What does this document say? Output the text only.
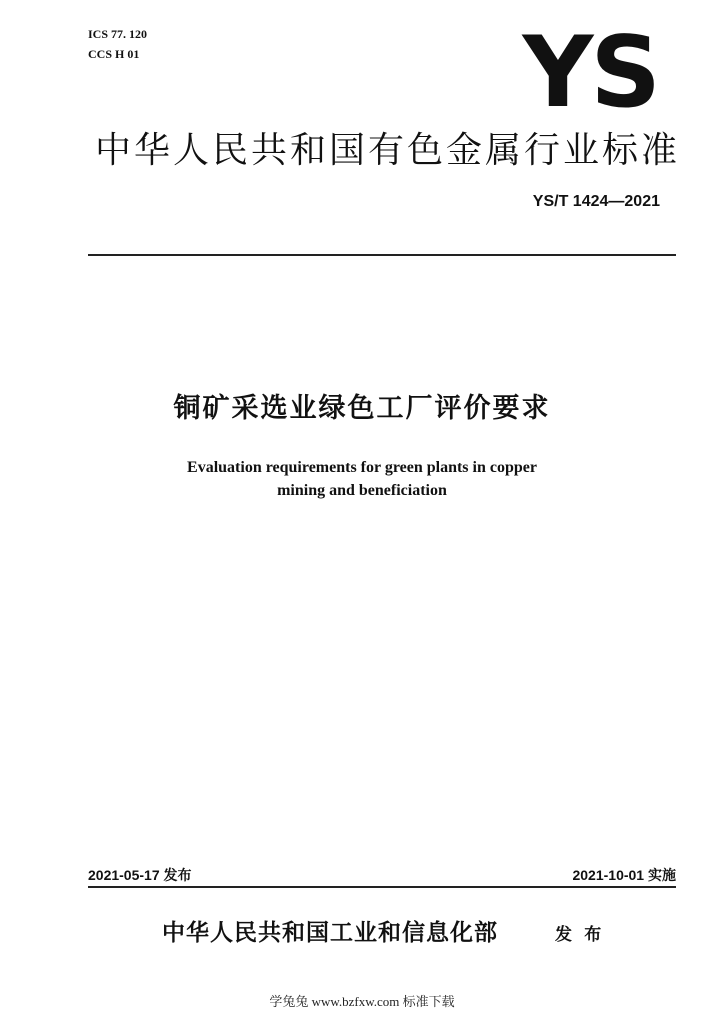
ICS 77. 120
CCS H 01	YS
中华人民共和国有色金属行业标准
YS/T 1424—2021
铜矿采选业绿色工厂评价要求
Evaluation requirements for green plants in copper
mining and beneficiation
2021-05-17 发布	2021-10-01 实施
中华人民共和国工业和信息化部	发 布
学兔兔 www.bzfxw.com 标准下载
